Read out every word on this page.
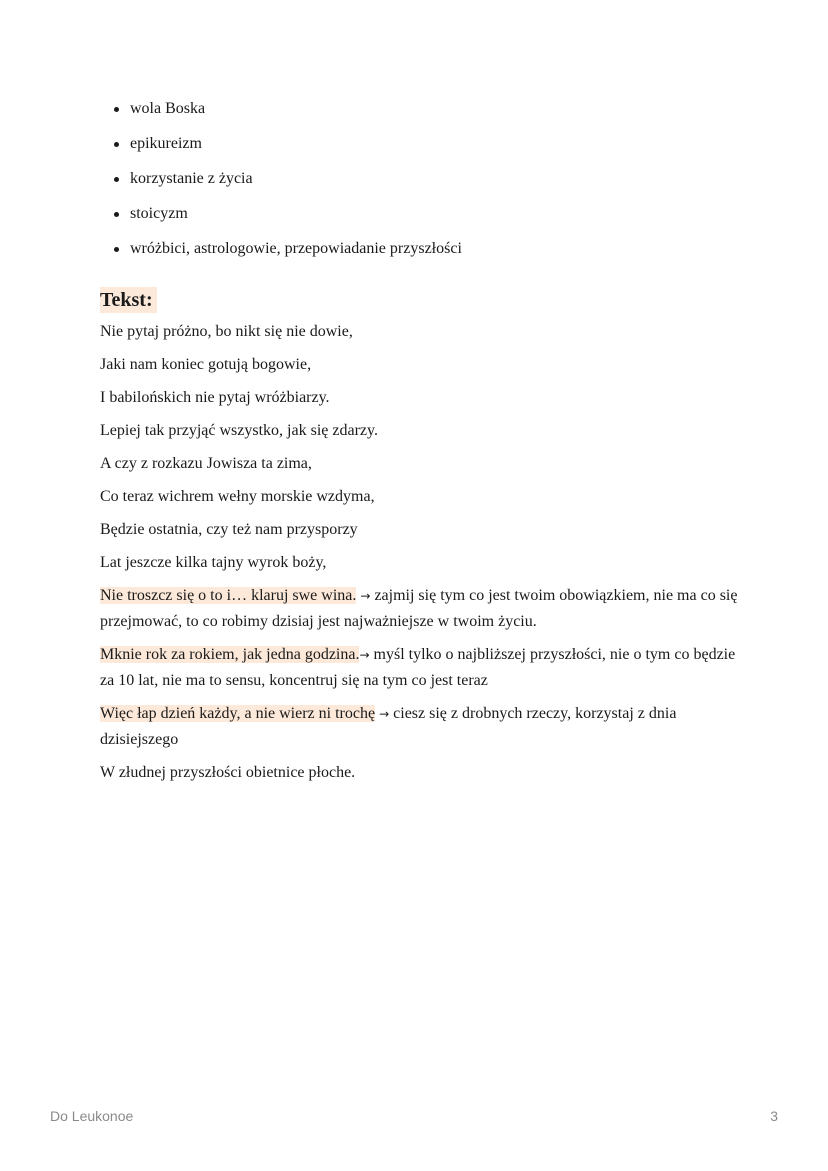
wola Boska
epikureizm
korzystanie z życia
stoicyzm
wróżbici, astrologowie, przepowiadanie przyszłości
Tekst:

Nie pytaj próżno, bo nikt się nie dowie,

Jaki nam koniec gotują bogowie,

I babilońskich nie pytaj wróżbiarzy.

Lepiej tak przyjąć wszystko, jak się zdarzy.

A czy z rozkazu Jowisza ta zima,

Co teraz wichrem wełny morskie wzdyma,

Będzie ostatnia, czy też nam przysporzy

Lat jeszcze kilka tajny wyrok boży,

Nie troszcz się o to i… klaruj swe wina. → zajmij się tym co jest twoim obowiązkiem, nie ma co się przejmować, to co robimy dzisiaj jest najważniejsze w twoim życiu.

Mknie rok za rokiem, jak jedna godzina.→ myśl tylko o najbliższej przyszłości, nie o tym co będzie za 10 lat, nie ma to sensu, koncentruj się na tym co jest teraz

Więc łap dzień każdy, a nie wierz ni trochę → ciesz się z drobnych rzeczy, korzystaj z dnia dzisiejszego

W złudnej przyszłości obietnice płoche.

Do Leukonoe	3
